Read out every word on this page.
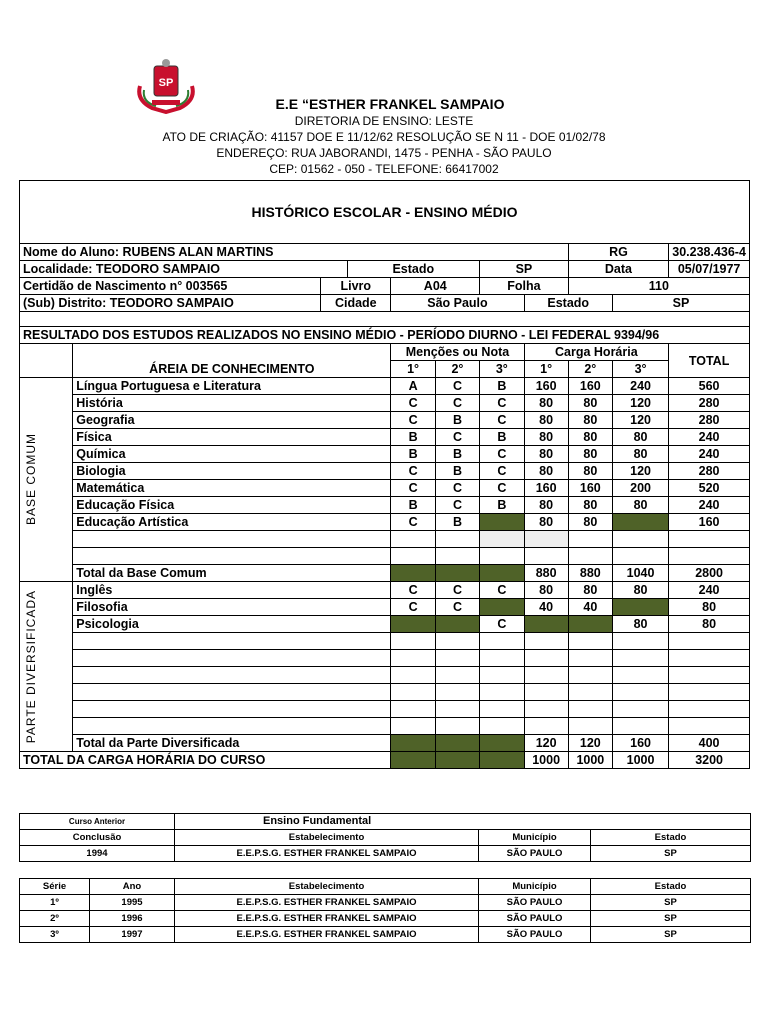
SP
E.E “ESTHER FRANKEL SAMPAIO
DIRETORIA DE ENSINO: LESTE
ATO DE CRIAÇÃO: 41157 DOE E 11/12/62 RESOLUÇÃO SE N 11 - DOE 01/02/78
ENDEREÇO: RUA JABORANDI, 1475 - PENHA - SÃO PAULO
CEP: 01562 - 050 - TELEFONE: 66417002
HISTÓRICO ESCOLAR - ENSINO MÉDIO										
Nome do Aluno: RUBENS ALAN MARTINS								RG		30.238.436-4
Localidade: TEODORO SAMPAIO			Estado			SP		Data		05/07/1977
Certidão de Nascimento n° 003565		Livro		A04		Folha		110		
(Sub) Distrito: TEODORO SAMPAIO		Cidade		São Paulo			Estado		SP	

RESULTADO DOS ESTUDOS REALIZADOS NO ENSINO MÉDIO - PERÍODO DIURNO - LEI FEDERAL 9394/96										
	ÁREIA DE CONHECIMENTO			Menções ou Nota			Carga Horária			TOTAL
				1°	2°	3°	1°	2°	3°	

BASE COMUM	Língua Portuguesa e Literatura			A	C	B	160	160	240	560
	História			C	C	C	80	80	120	280
	Geografia			C	B	C	80	80	120	280
	Física			B	C	B	80	80	80	240
	Química			B	B	C	80	80	80	240
	Biologia			C	B	C	80	80	120	280
	Matemática			C	C	C	160	160	200	520
	Educação Física			B	C	B	80	80	80	240
	Educação Artística			C	B		80	80		160

	Total da Base Comum						880	880	1040	2800

PARTE DIVERSIFICADA	Inglês			C	C	C	80	80	80	240
	Filosofia			C	C		40	40		80
	Psicologia					C			80	80

	Total da Parte Diversificada						120	120	160	400
TOTAL DA CARGA HORÁRIA DO CURSO							1000	1000	1000	3200
Curso Anterior	Ensino Fundamental		
Conclusão	Estabelecimento	Município	Estado
1994	E.E.P.S.G. ESTHER FRANKEL SAMPAIO	SÃO PAULO	SP
Série	Ano	Estabelecimento	Município	Estado
1º	1995	E.E.P.S.G. ESTHER FRANKEL SAMPAIO	SÃO PAULO	SP
2º	1996	E.E.P.S.G. ESTHER FRANKEL SAMPAIO	SÃO PAULO	SP
3º	1997	E.E.P.S.G. ESTHER FRANKEL SAMPAIO	SÃO PAULO	SP
